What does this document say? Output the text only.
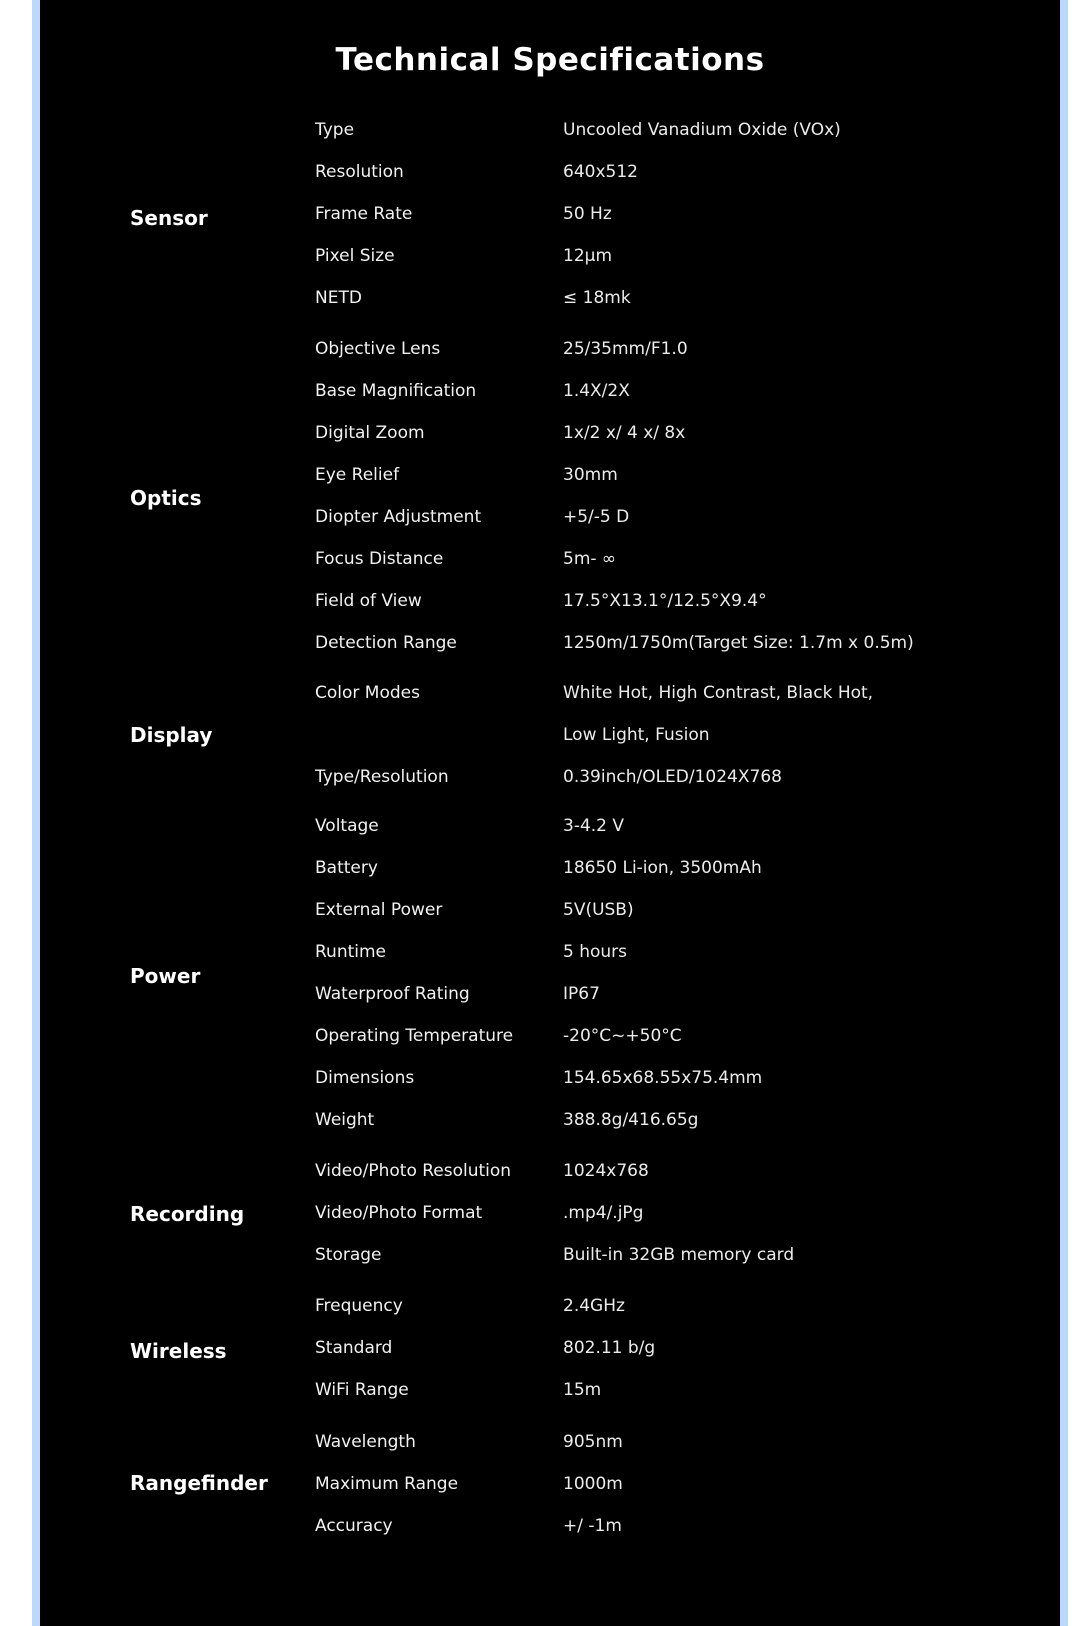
Technical Specifications
Sensor
Type	Uncooled Vanadium Oxide (VOx)
Resolution	640x512
Frame Rate	50 Hz
Pixel Size	12μm
NETD	≤ 18mk
Optics
Objective Lens	25/35mm/F1.0
Base Magnification	1.4X/2X
Digital Zoom	1x/2 x/ 4 x/ 8x
Eye Relief	30mm
Diopter Adjustment	+5/-5 D
Focus Distance	5m- ∞
Field of View	17.5°X13.1°/12.5°X9.4°
Detection Range	1250m/1750m(Target Size: 1.7m x 0.5m)
Display
Color Modes	White Hot, High Contrast, Black Hot,
Low Light, Fusion
Type/Resolution	0.39inch/OLED/1024X768
Power
Voltage	3-4.2 V
Battery	18650 Li-ion, 3500mAh
External Power	5V(USB)
Runtime	5 hours
Waterproof Rating	IP67
Operating Temperature	-20°C~+50°C
Dimensions	154.65x68.55x75.4mm
Weight	388.8g/416.65g
Recording
Video/Photo Resolution	1024x768
Video/Photo Format	.mp4/.jPg
Storage	Built-in 32GB memory card
Wireless
Frequency	2.4GHz
Standard	802.11 b/g
WiFi Range	15m
Rangefinder
Wavelength	905nm
Maximum Range	1000m
Accuracy	+/ -1m
